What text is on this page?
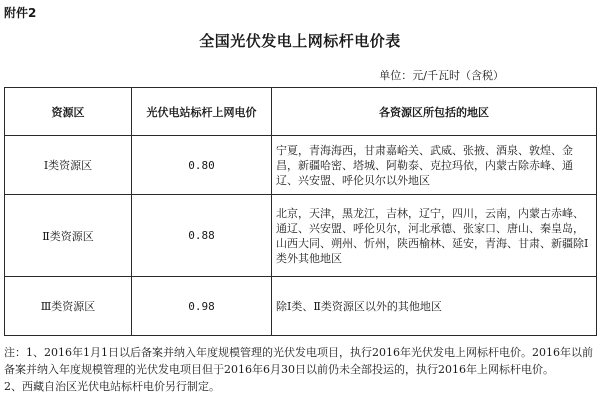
附件2
全国光伏发电上网标杆电价表
单位：元/千瓦时（含税）
资源区	光伏电站标杆上网电价	各资源区所包括的地区
Ⅰ类资源区	0.80	宁夏，青海海西，甘肃嘉峪关、武威、张掖、酒泉、敦煌、金昌，新疆哈密、塔城、阿勒泰、克拉玛依，内蒙古除赤峰、通辽、兴安盟、呼伦贝尔以外地区
Ⅱ类资源区	0.88	北京，天津，黑龙江，吉林，辽宁，四川，云南，内蒙古赤峰、通辽、兴安盟、呼伦贝尔，河北承德、张家口、唐山、秦皇岛，山西大同、朔州、忻州，陕西榆林、延安，青海、甘肃、新疆除Ⅰ类外其他地区
Ⅲ类资源区	0.98	除Ⅰ类、Ⅱ类资源区以外的其他地区

注：1、2016年1月1日以后备案并纳入年度规模管理的光伏发电项目，执行2016年光伏发电上网标杆电价。2016年以前备案并纳入年度规模管理的光伏发电项目但于2016年6月30日以前仍未全部投运的，执行2016年上网标杆电价。

2、西藏自治区光伏电站标杆电价另行制定。
